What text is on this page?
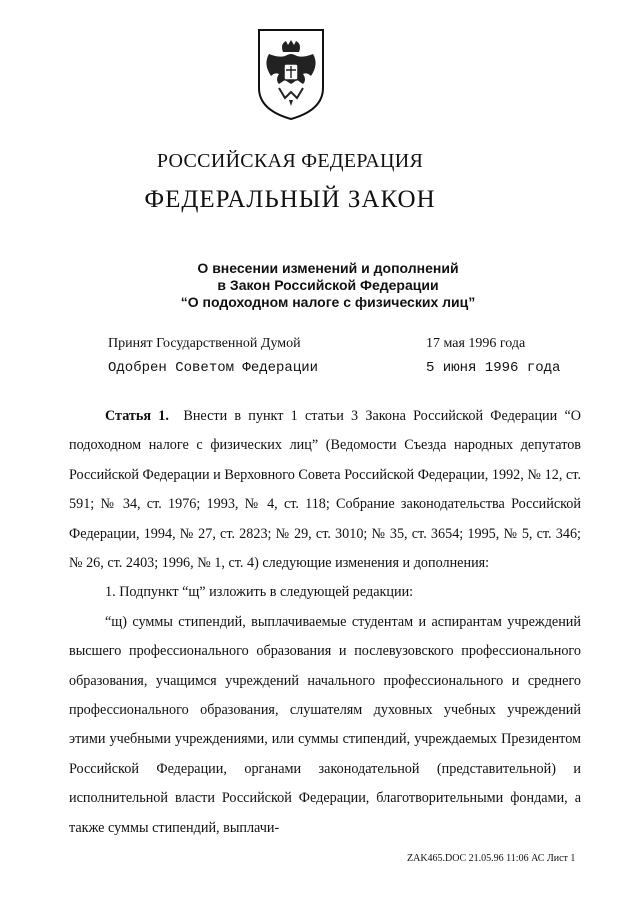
РОССИЙСКАЯ ФЕДЕРАЦИЯ
ФЕДЕРАЛЬНЫЙ ЗАКОН
О внесении изменений и дополнений
в Закон Российской Федерации
“О подоходном налоге с физических лиц”
Принят Государственной Думой	17 мая 1996 года
Одобрен Советом Федерации	5 июня 1996 года

Статья 1. Внести в пункт 1 статьи 3 Закона Российской Федерации “О подоходном налоге с физических лиц” (Ведомости Съезда народных депутатов Российской Федерации и Верховного Совета Российской Федерации, 1992, № 12, ст. 591; № 34, ст. 1976; 1993, № 4, ст. 118; Собрание законодательства Российской Федерации, 1994, № 27, ст. 2823; № 29, ст. 3010; № 35, ст. 3654; 1995, № 5, ст. 346; № 26, ст. 2403; 1996, № 1, ст. 4) следующие изменения и дополнения:

1. Подпункт “щ” изложить в следующей редакции:

“щ) суммы стипендий, выплачиваемые студентам и аспирантам учреждений высшего профессионального образования и послевузовского профессионального образования, учащимся учреждений начального профессионального и среднего профессионального образования, слушателям духовных учебных учреждений этими учебными учреждениями, или суммы стипендий, учреждаемых Президентом Российской Федерации, органами законодательной (представительной) и исполнительной власти Российской Федерации, благотворительными фондами, а также суммы стипендий, выплачи-

ZAK465.DOC 21.05.96 11:06 АС Лист 1
